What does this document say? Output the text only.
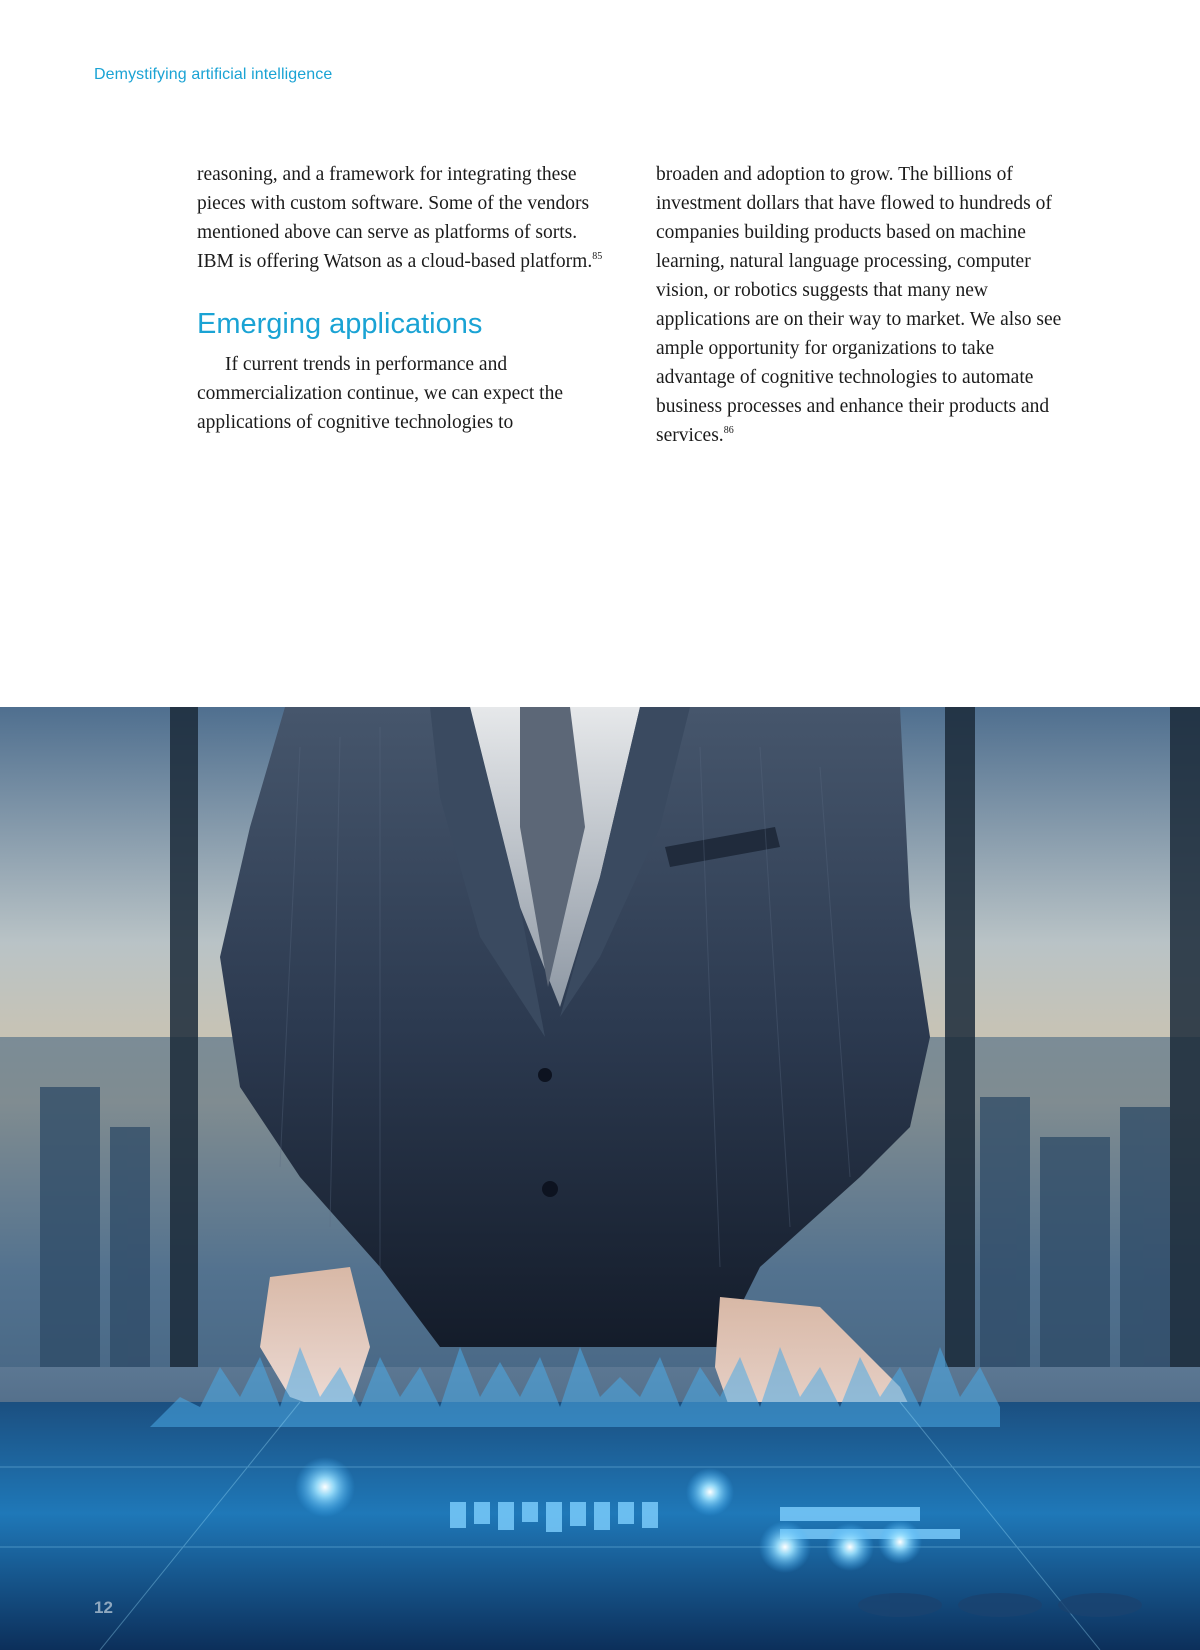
Demystifying artificial intelligence

reasoning, and a framework for integrating these pieces with custom software. Some of the vendors mentioned above can serve as platforms of sorts. IBM is offering Watson as a cloud-based platform.$^{85}$

Emerging applications

If current trends in performance and commercialization continue, we can expect the applications of cognitive technologies to

broaden and adoption to grow. The billions of investment dollars that have flowed to hundreds of companies building products based on machine learning, natural language processing, computer vision, or robotics suggests that many new applications are on their way to market. We also see ample opportunity for organizations to take advantage of cognitive technologies to automate business processes and enhance their products and services.$^{86}$

12
